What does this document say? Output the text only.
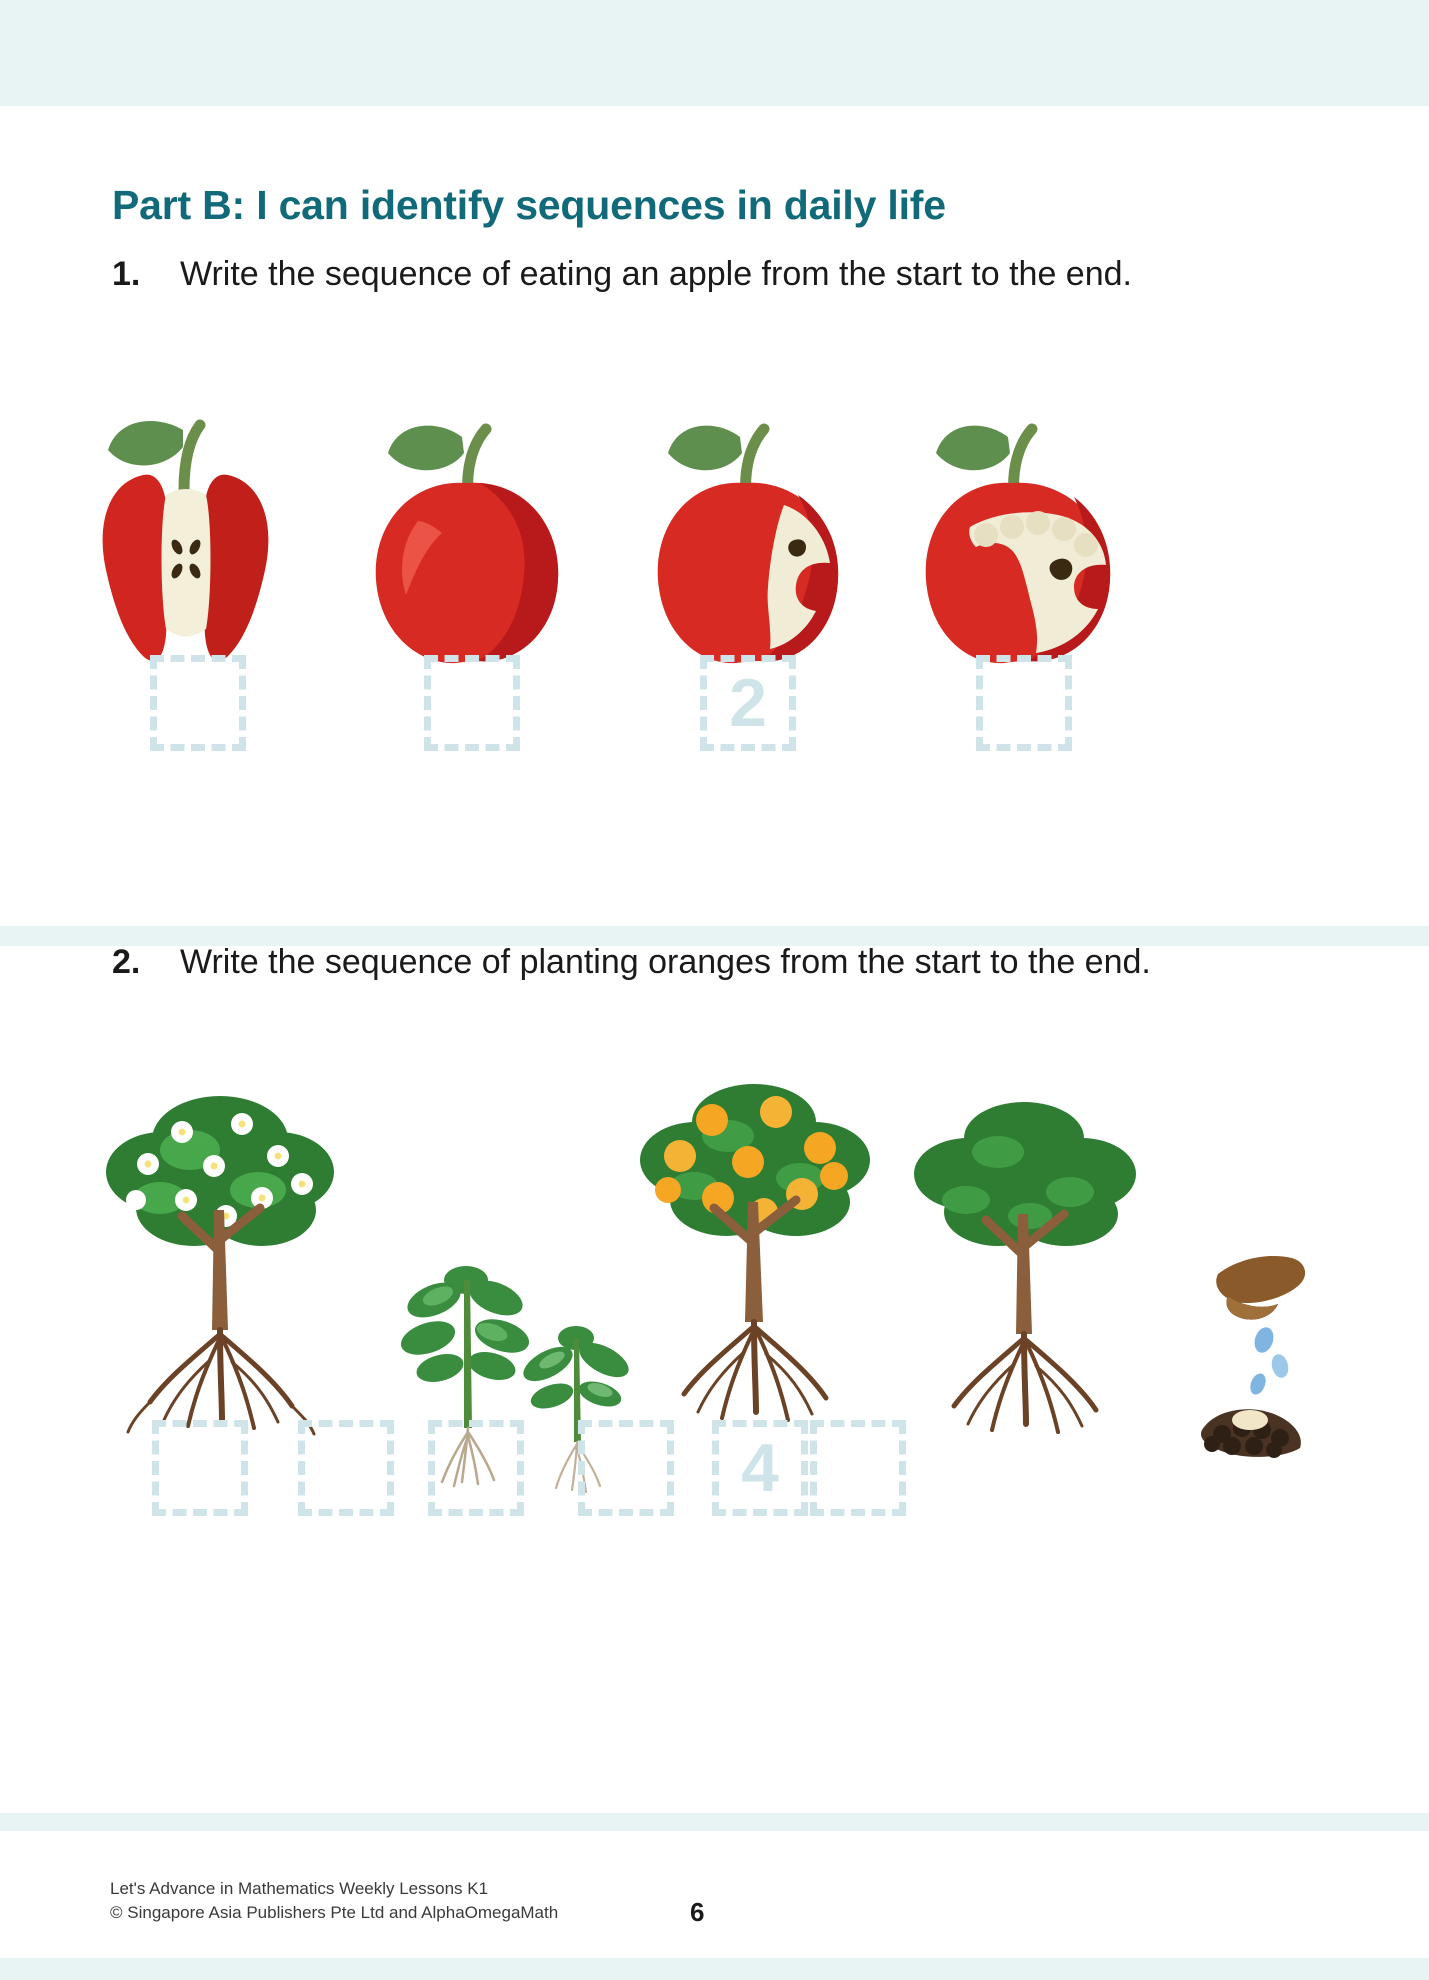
Part B: I can identify sequences in daily life
1.	Write the sequence of eating an apple from the start to the end.
2
2.	Write the sequence of planting oranges from the start to the end.
4
Let's Advance in Mathematics Weekly Lessons K1
© Singapore Asia Publishers Pte Ltd and AlphaOmegaMath	6
